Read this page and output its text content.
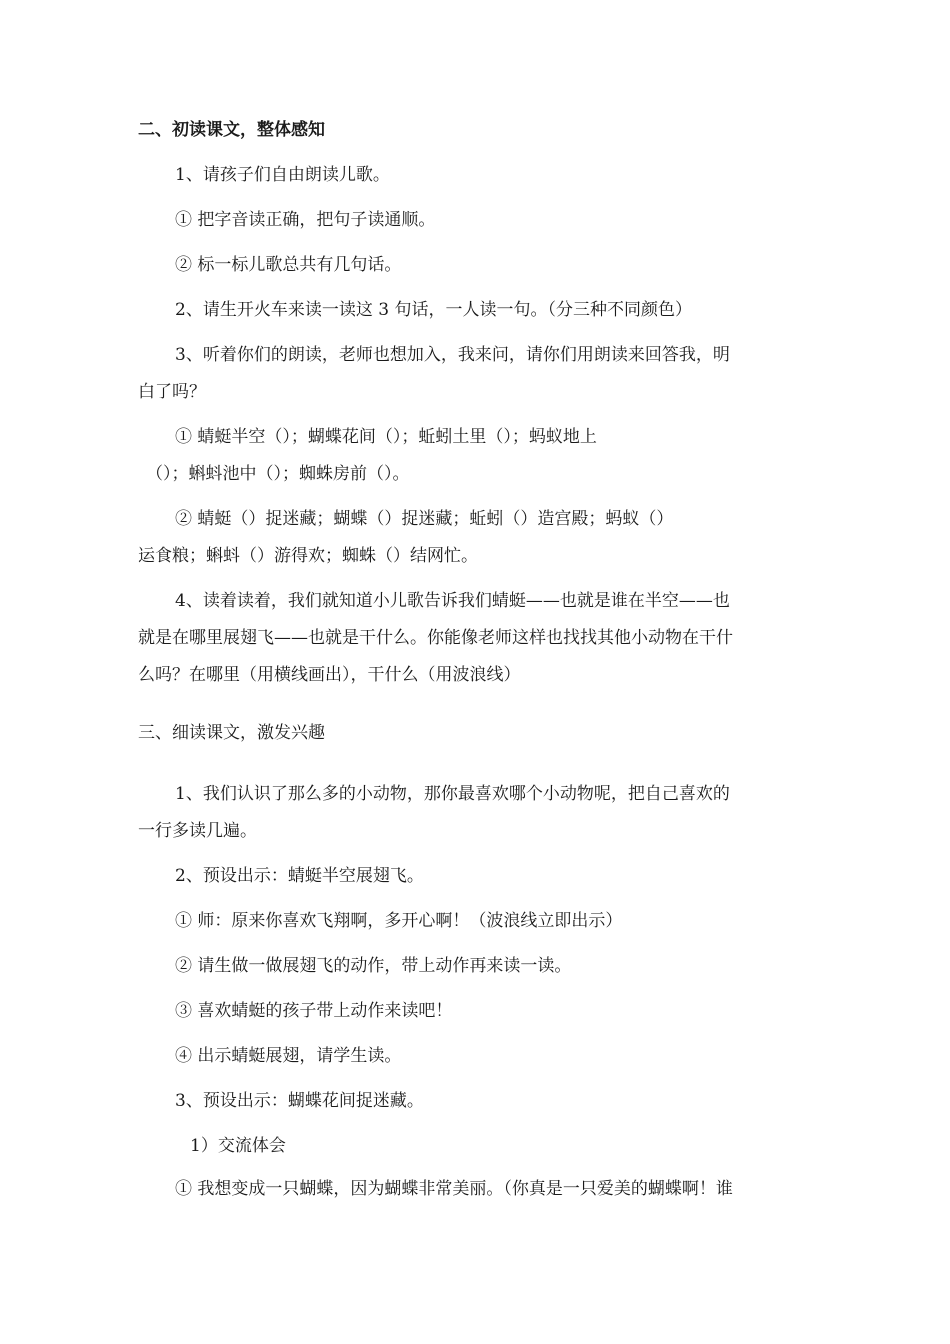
二、初读课文，整体感知
1、请孩子们自由朗读儿歌。
① 把字音读正确，把句子读通顺。
② 标一标儿歌总共有几句话。
2、请生开火车来读一读这 3 句话，一人读一句。（分三种不同颜色）
3、听着你们的朗读，老师也想加入，我来问，请你们用朗读来回答我，明
白了吗？
① 蜻蜓半空（）；蝴蝶花间（）；蚯蚓土里（）；蚂蚁地上
（）；蝌蚪池中（）；蜘蛛房前（）。
② 蜻蜓（）捉迷藏；蝴蝶（）捉迷藏；蚯蚓（）造宫殿；蚂蚁（）
运食粮；蝌蚪（）游得欢；蜘蛛（）结网忙。
4、读着读着，我们就知道小儿歌告诉我们蜻蜓——也就是谁在半空——也
就是在哪里展翅飞——也就是干什么。你能像老师这样也找找其他小动物在干什
么吗？在哪里（用横线画出），干什么（用波浪线）
三、细读课文，激发兴趣
1、我们认识了那么多的小动物，那你最喜欢哪个小动物呢，把自己喜欢的
一行多读几遍。
2、预设出示：蜻蜓半空展翅飞。
① 师：原来你喜欢飞翔啊，多开心啊！（波浪线立即出示）
② 请生做一做展翅飞的动作，带上动作再来读一读。
③ 喜欢蜻蜓的孩子带上动作来读吧！
④ 出示蜻蜓展翅，请学生读。
3、预设出示：蝴蝶花间捉迷藏。
1）交流体会
① 我想变成一只蝴蝶，因为蝴蝶非常美丽。（你真是一只爱美的蝴蝶啊！谁
